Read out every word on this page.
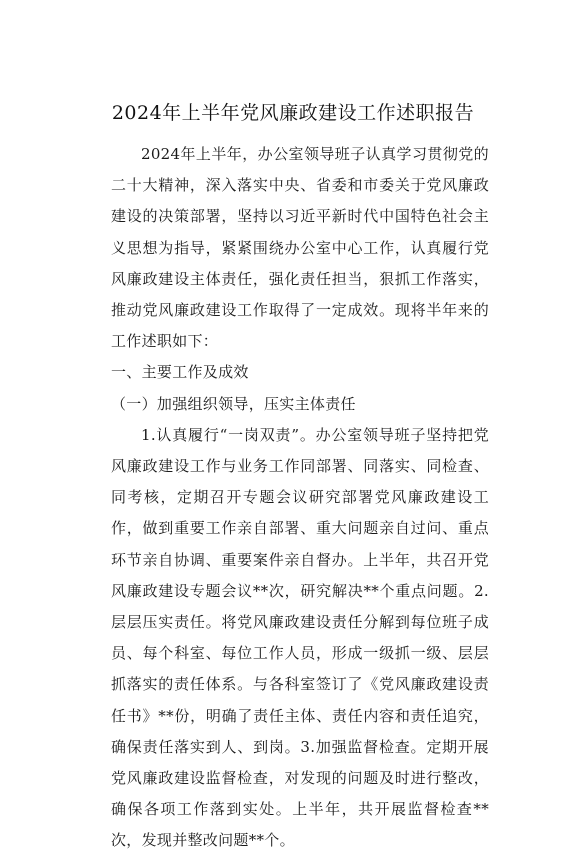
2024年上半年党风廉政建设工作述职报告

2024年上半年，办公室领导班子认真学习贯彻党的二十大精神，深入落实中央、省委和市委关于党风廉政建设的决策部署，坚持以习近平新时代中国特色社会主义思想为指导，紧紧围绕办公室中心工作，认真履行党风廉政建设主体责任，强化责任担当，狠抓工作落实，推动党风廉政建设工作取得了一定成效。现将半年来的工作述职如下：

一、主要工作及成效

（一）加强组织领导，压实主体责任

1.认真履行“一岗双责”。办公室领导班子坚持把党风廉政建设工作与业务工作同部署、同落实、同检查、同考核，定期召开专题会议研究部署党风廉政建设工作，做到重要工作亲自部署、重大问题亲自过问、重点环节亲自协调、重要案件亲自督办。上半年，共召开党风廉政建设专题会议**次，研究解决**个重点问题。2.层层压实责任。将党风廉政建设责任分解到每位班子成员、每个科室、每位工作人员，形成一级抓一级、层层抓落实的责任体系。与各科室签订了《党风廉政建设责任书》**份，明确了责任主体、责任内容和责任追究，确保责任落实到人、到岗。3.加强监督检查。定期开展党风廉政建设监督检查，对发现的问题及时进行整改，确保各项工作落到实处。上半年，共开展监督检查**次，发现并整改问题**个。
